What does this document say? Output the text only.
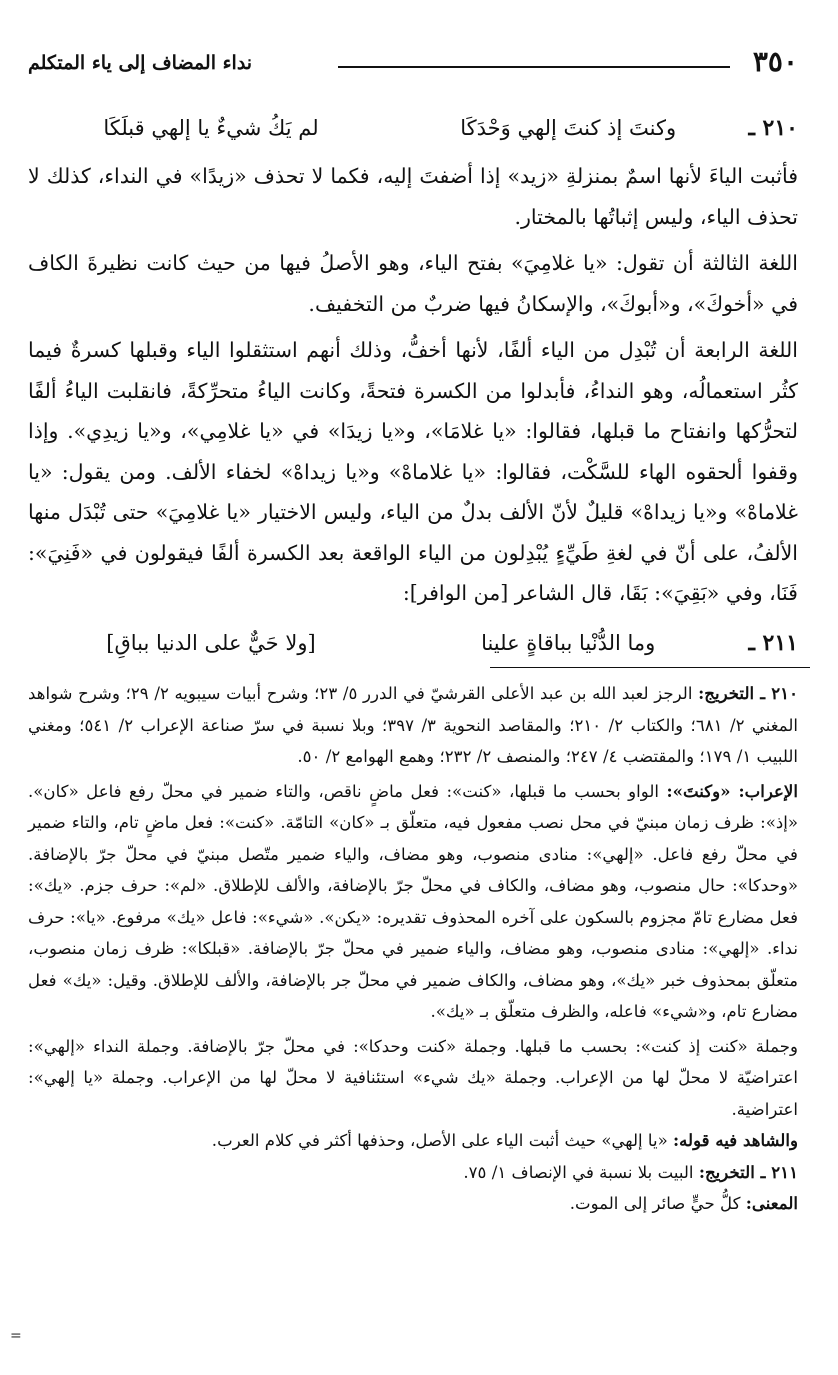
٣٥٠
نداء المضاف إلى ياء المتكلم
٢١٠ ـ
وكنتَ إذ كنتَ إلهي وَحْدَكَا
لم يَكُ شيءٌ يا إلهي قبلَكَا

فأثبت الياءَ لأنها اسمٌ بمنزلةِ «زيد» إذا أضفتَ إليه، فكما لا تحذف «زيدًا» في النداء، كذلك لا تحذف الياء، وليس إثباتُها بالمختار.

اللغة الثالثة أن تقول: «يا غلامِيَ» بفتح الياء، وهو الأصلُ فيها من حيث كانت نظيرةَ الكاف في «أخوكَ»، و«أبوكَ»، والإسكانُ فيها ضربٌ من التخفيف.

اللغة الرابعة أن تُبْدِل من الياء ألفًا، لأنها أخفُّ، وذلك أنهم استثقلوا الياء وقبلها كسرةٌ فيما كثُر استعمالُه، وهو النداءُ، فأبدلوا من الكسرة فتحةً، وكانت الياءُ متحرِّكةً، فانقلبت الياءُ ألفًا لتحرُّكها وانفتاح ما قبلها، فقالوا: «يا غلامَا»، و«يا زيدَا» في «يا غلامِي»، و«يا زيدِي». وإذا وقفوا ألحقوه الهاء للسَّكْت، فقالوا: «يا غلاماهْ» و«يا زيداهْ» لخفاء الألف. ومن يقول: «يا غلاماهْ» و«يا زيداهْ» قليلٌ لأنّ الألف بدلٌ من الياء، وليس الاختيار «يا غلامِيَ» حتى تُبْدَل منها الألفُ، على أنّ في لغةِ طَيِّءٍ يُبْدِلون من الياء الواقعة بعد الكسرة ألفًا فيقولون في «فَنِيَ»: فَنَا، وفي «بَقِيَ»: بَقَا، قال الشاعر [من الوافر]:

٢١١ ـ
وما الدُّنْيا بباقاةٍ علينا
[ولا حَيٌّ على الدنيا بباقِ]

٢١٠ ـ التخريج: الرجز لعبد الله بن عبد الأعلى القرشيّ في الدرر ٥/ ٢٣؛ وشرح أبيات سيبويه ٢/ ٢٩؛ وشرح شواهد المغني ٢/ ٦٨١؛ والكتاب ٢/ ٢١٠؛ والمقاصد النحوية ٣/ ٣٩٧؛ وبلا نسبة في سرّ صناعة الإعراب ٢/ ٥٤١؛ ومغني اللبيب ١/ ١٧٩؛ والمقتضب ٤/ ٢٤٧؛ والمنصف ٢/ ٢٣٢؛ وهمع الهوامع ٢/ ٥٠.

الإعراب: «وكنتَ»: الواو بحسب ما قبلها، «كنت»: فعل ماضٍ ناقص، والتاء ضمير في محلّ رفع فاعل «كان». «إذ»: ظرف زمان مبنيّ في محل نصب مفعول فيه، متعلّق بـ «كان» التامّة. «كنت»: فعل ماضٍ تام، والتاء ضمير في محلّ رفع فاعل. «إلهي»: منادى منصوب، وهو مضاف، والياء ضمير متّصل مبنيّ في محلّ جرّ بالإضافة. «وحدكا»: حال منصوب، وهو مضاف، والكاف في محلّ جرّ بالإضافة، والألف للإطلاق. «لم»: حرف جزم. «يك»: فعل مضارع تامّ مجزوم بالسكون على آخره المحذوف تقديره: «يكن». «شيء»: فاعل «يك» مرفوع. «يا»: حرف نداء. «إلهي»: منادى منصوب، وهو مضاف، والياء ضمير في محلّ جرّ بالإضافة. «قبلكا»: ظرف زمان منصوب، متعلّق بمحذوف خبر «يك»، وهو مضاف، والكاف ضمير في محلّ جر بالإضافة، والألف للإطلاق. وقيل: «يك» فعل مضارع تام، و«شيء» فاعله، والظرف متعلّق بـ «يك».

وجملة «كنت إذ كنت»: بحسب ما قبلها. وجملة «كنت وحدكا»: في محلّ جرّ بالإضافة. وجملة النداء «إلهي»: اعتراضيّة لا محلّ لها من الإعراب. وجملة «يك شيء» استئنافية لا محلّ لها من الإعراب. وجملة «يا إلهي»: اعتراضية.

والشاهد فيه قوله: «يا إلهي» حيث أثبت الياء على الأصل، وحذفها أكثر في كلام العرب.

٢١١ ـ التخريج: البيت بلا نسبة في الإنصاف ١/ ٧٥.

المعنى: كلُّ حيٍّ صائر إلى الموت.

=
